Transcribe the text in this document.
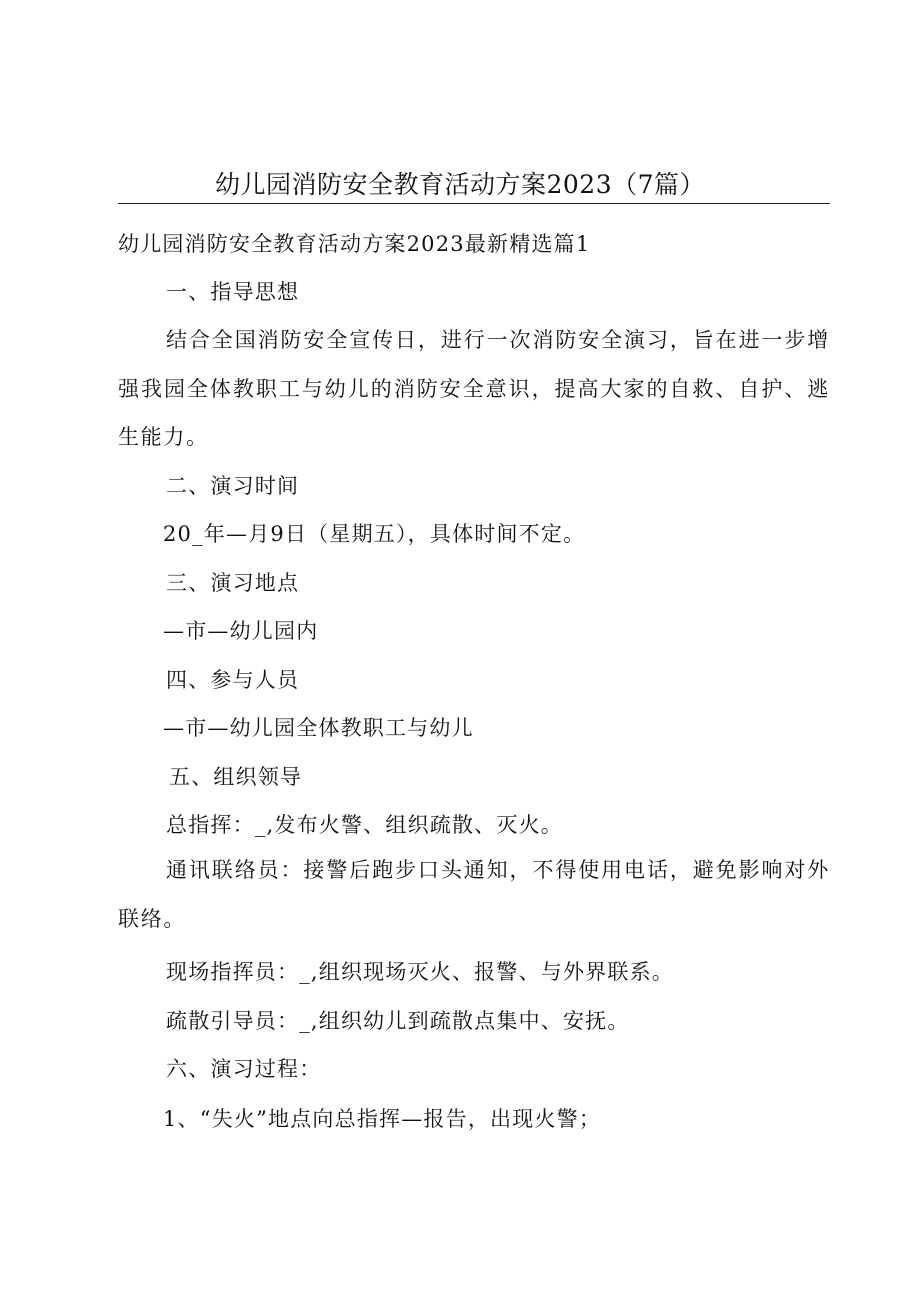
幼儿园消防安全教育活动方案2023（7篇）
幼儿园消防安全教育活动方案2023最新精选篇1
一、指导思想
结合全国消防安全宣传日，进行一次消防安全演习，旨在进一步增强我园全体教职工与幼儿的消防安全意识，提高大家的自救、自护、逃生能力。
二、演习时间
20_年—月9日（星期五），具体时间不定。
三、演习地点
—市—幼儿园内
四、参与人员
—市—幼儿园全体教职工与幼儿
五、组织领导
总指挥：_,发布火警、组织疏散、灭火。
通讯联络员：接警后跑步口头通知，不得使用电话，避免影响对外联络。
现场指挥员：_,组织现场灭火、报警、与外界联系。
疏散引导员：_,组织幼儿到疏散点集中、安抚。
六、演习过程：
1、“失火”地点向总指挥—报告，出现火警；
